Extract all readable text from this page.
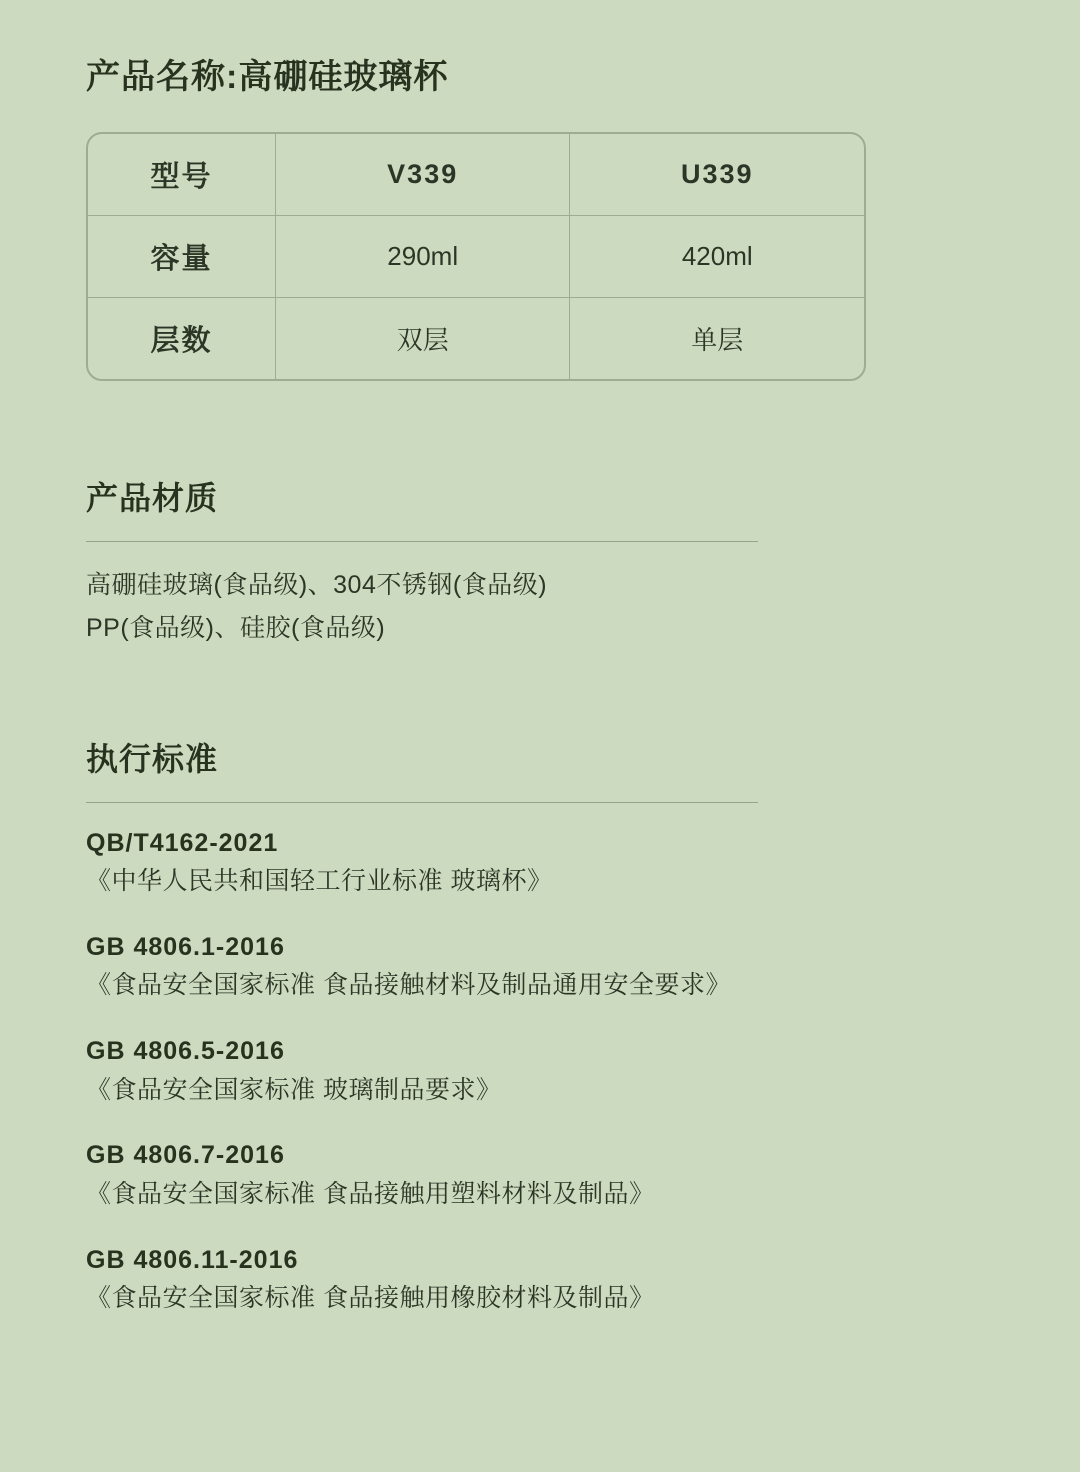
产品名称:高硼硅玻璃杯
型号	V339	U339
容量	290ml	420ml
层数	双层	单层
产品材质
高硼硅玻璃(食品级)、304不锈钢(食品级)
PP(食品级)、硅胶(食品级)
执行标准
QB/T4162-2021
《中华人民共和国轻工行业标准 玻璃杯》
GB 4806.1-2016
《食品安全国家标准 食品接触材料及制品通用安全要求》
GB 4806.5-2016
《食品安全国家标准 玻璃制品要求》
GB 4806.7-2016
《食品安全国家标准 食品接触用塑料材料及制品》
GB 4806.11-2016
《食品安全国家标准 食品接触用橡胶材料及制品》
